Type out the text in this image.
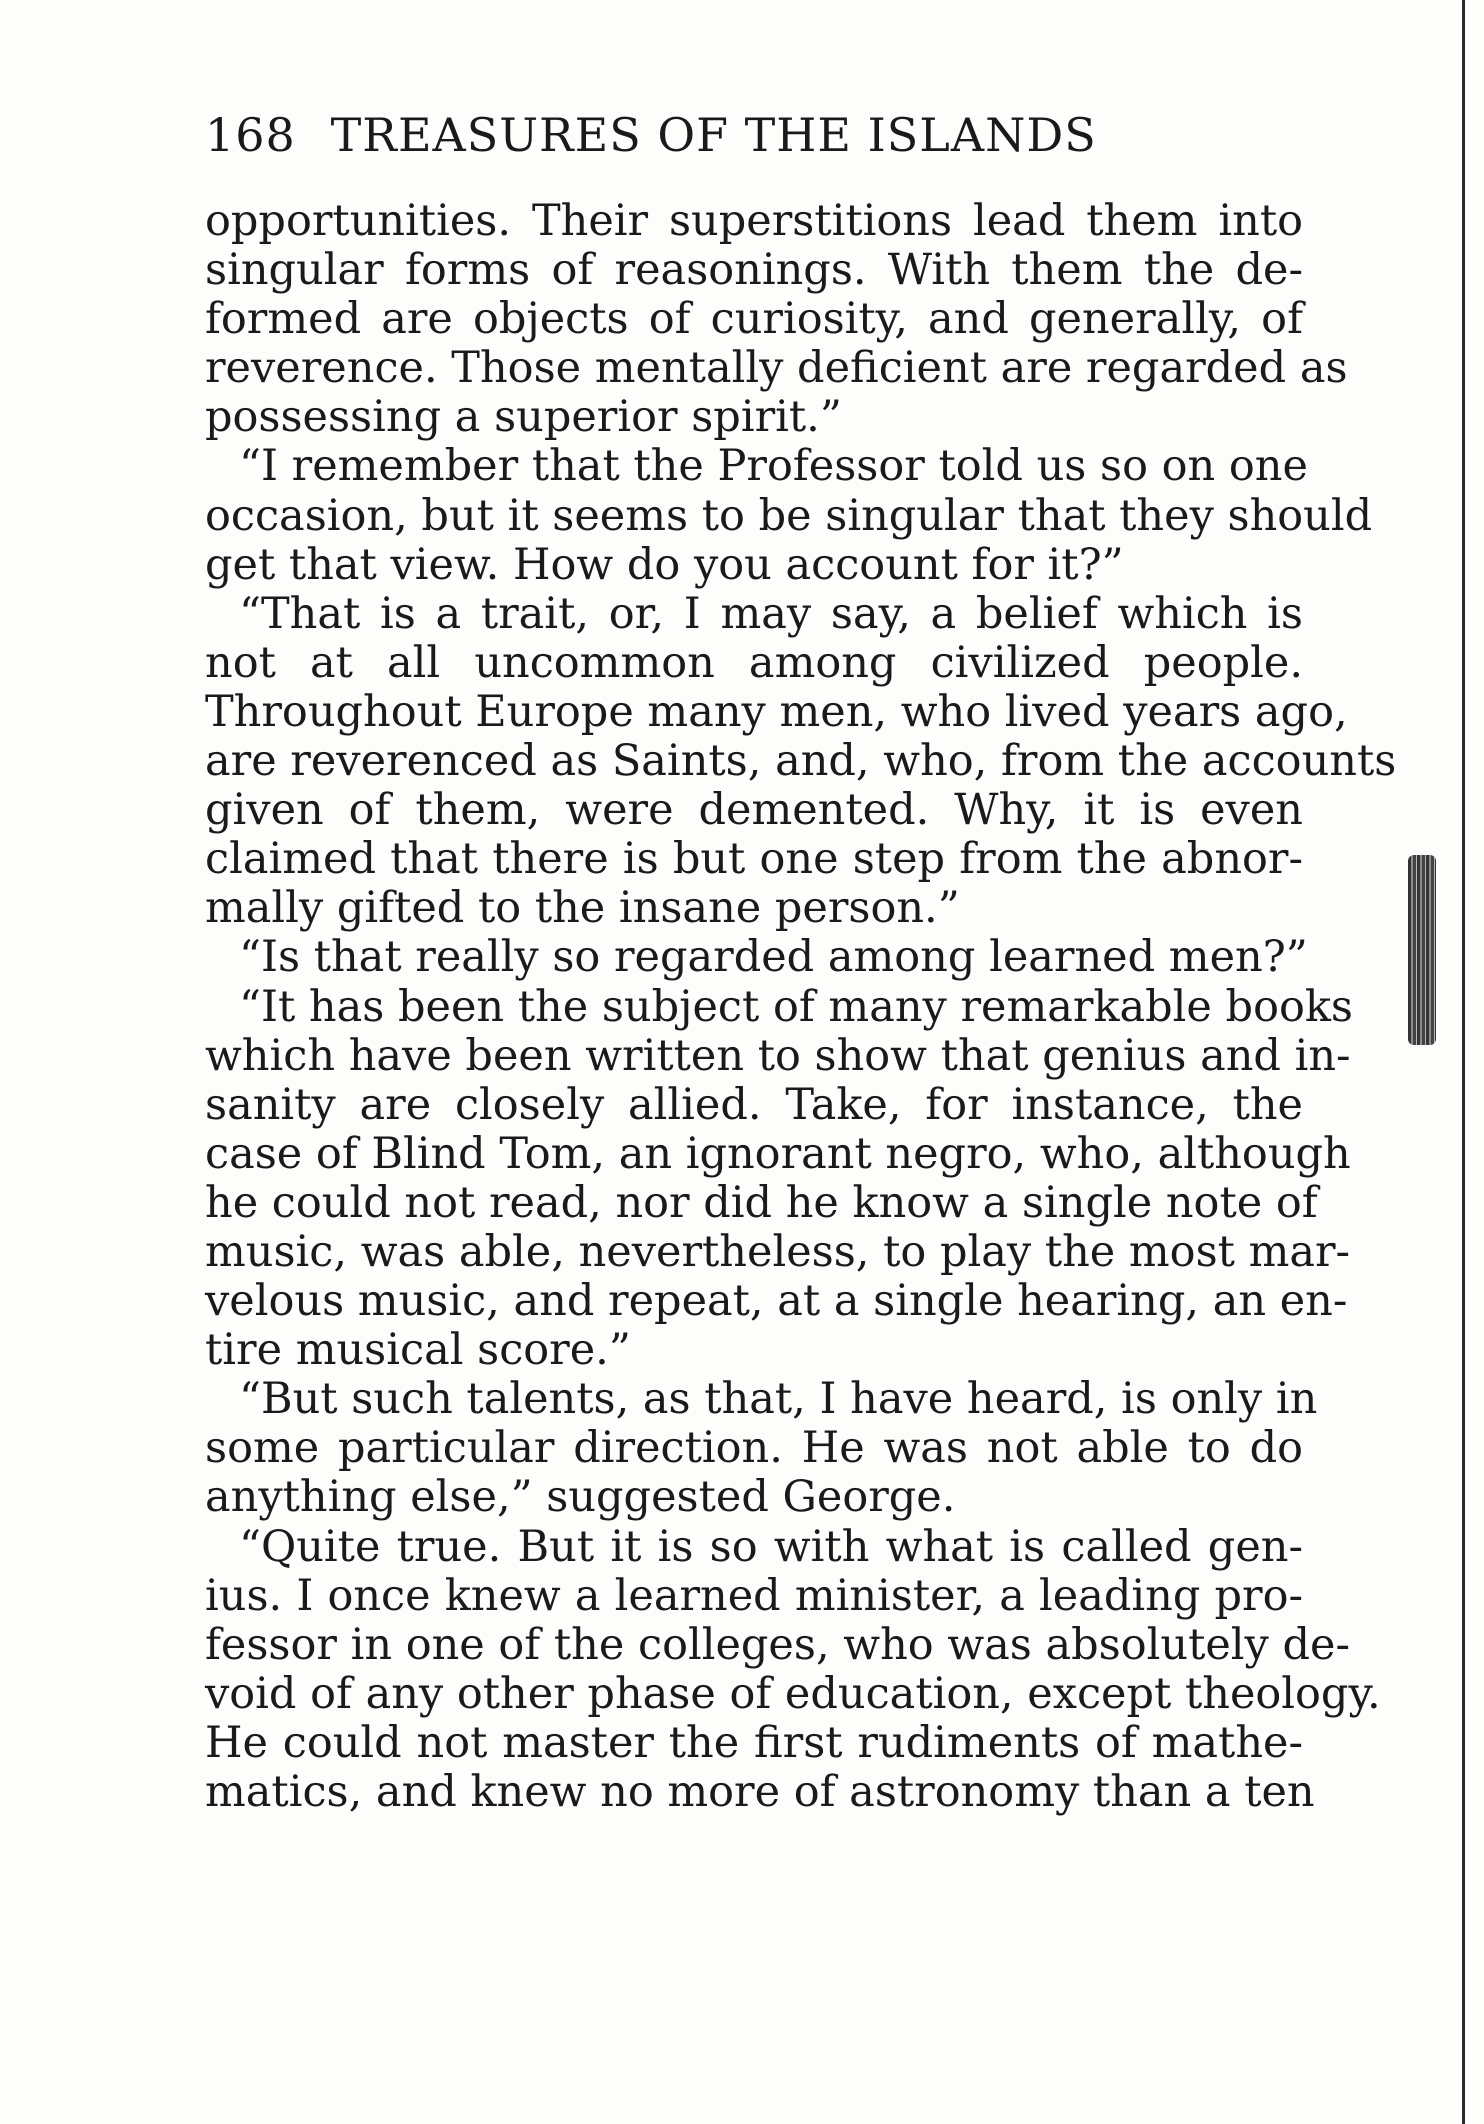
168 TREASURES OF THE ISLANDS
opportunities. Their superstitions lead them into
singular forms of reasonings. With them the de-
formed are objects of curiosity, and generally, of
reverence. Those mentally deficient are regarded as
possessing a superior spirit.”
“I remember that the Professor told us so on one
occasion, but it seems to be singular that they should
get that view. How do you account for it?”
“That is a trait, or, I may say, a belief which is
not at all uncommon among civilized people.
Throughout Europe many men, who lived years ago,
are reverenced as Saints, and, who, from the accounts
given of them, were demented. Why, it is even
claimed that there is but one step from the abnor-
mally gifted to the insane person.”
“Is that really so regarded among learned men?”
“It has been the subject of many remarkable books
which have been written to show that genius and in-
sanity are closely allied. Take, for instance, the
case of Blind Tom, an ignorant negro, who, although
he could not read, nor did he know a single note of
music, was able, nevertheless, to play the most mar-
velous music, and repeat, at a single hearing, an en-
tire musical score.”
“But such talents, as that, I have heard, is only in
some particular direction. He was not able to do
anything else,” suggested George.
“Quite true. But it is so with what is called gen-
ius. I once knew a learned minister, a leading pro-
fessor in one of the colleges, who was absolutely de-
void of any other phase of education, except theology.
He could not master the first rudiments of mathe-
matics, and knew no more of astronomy than a ten
